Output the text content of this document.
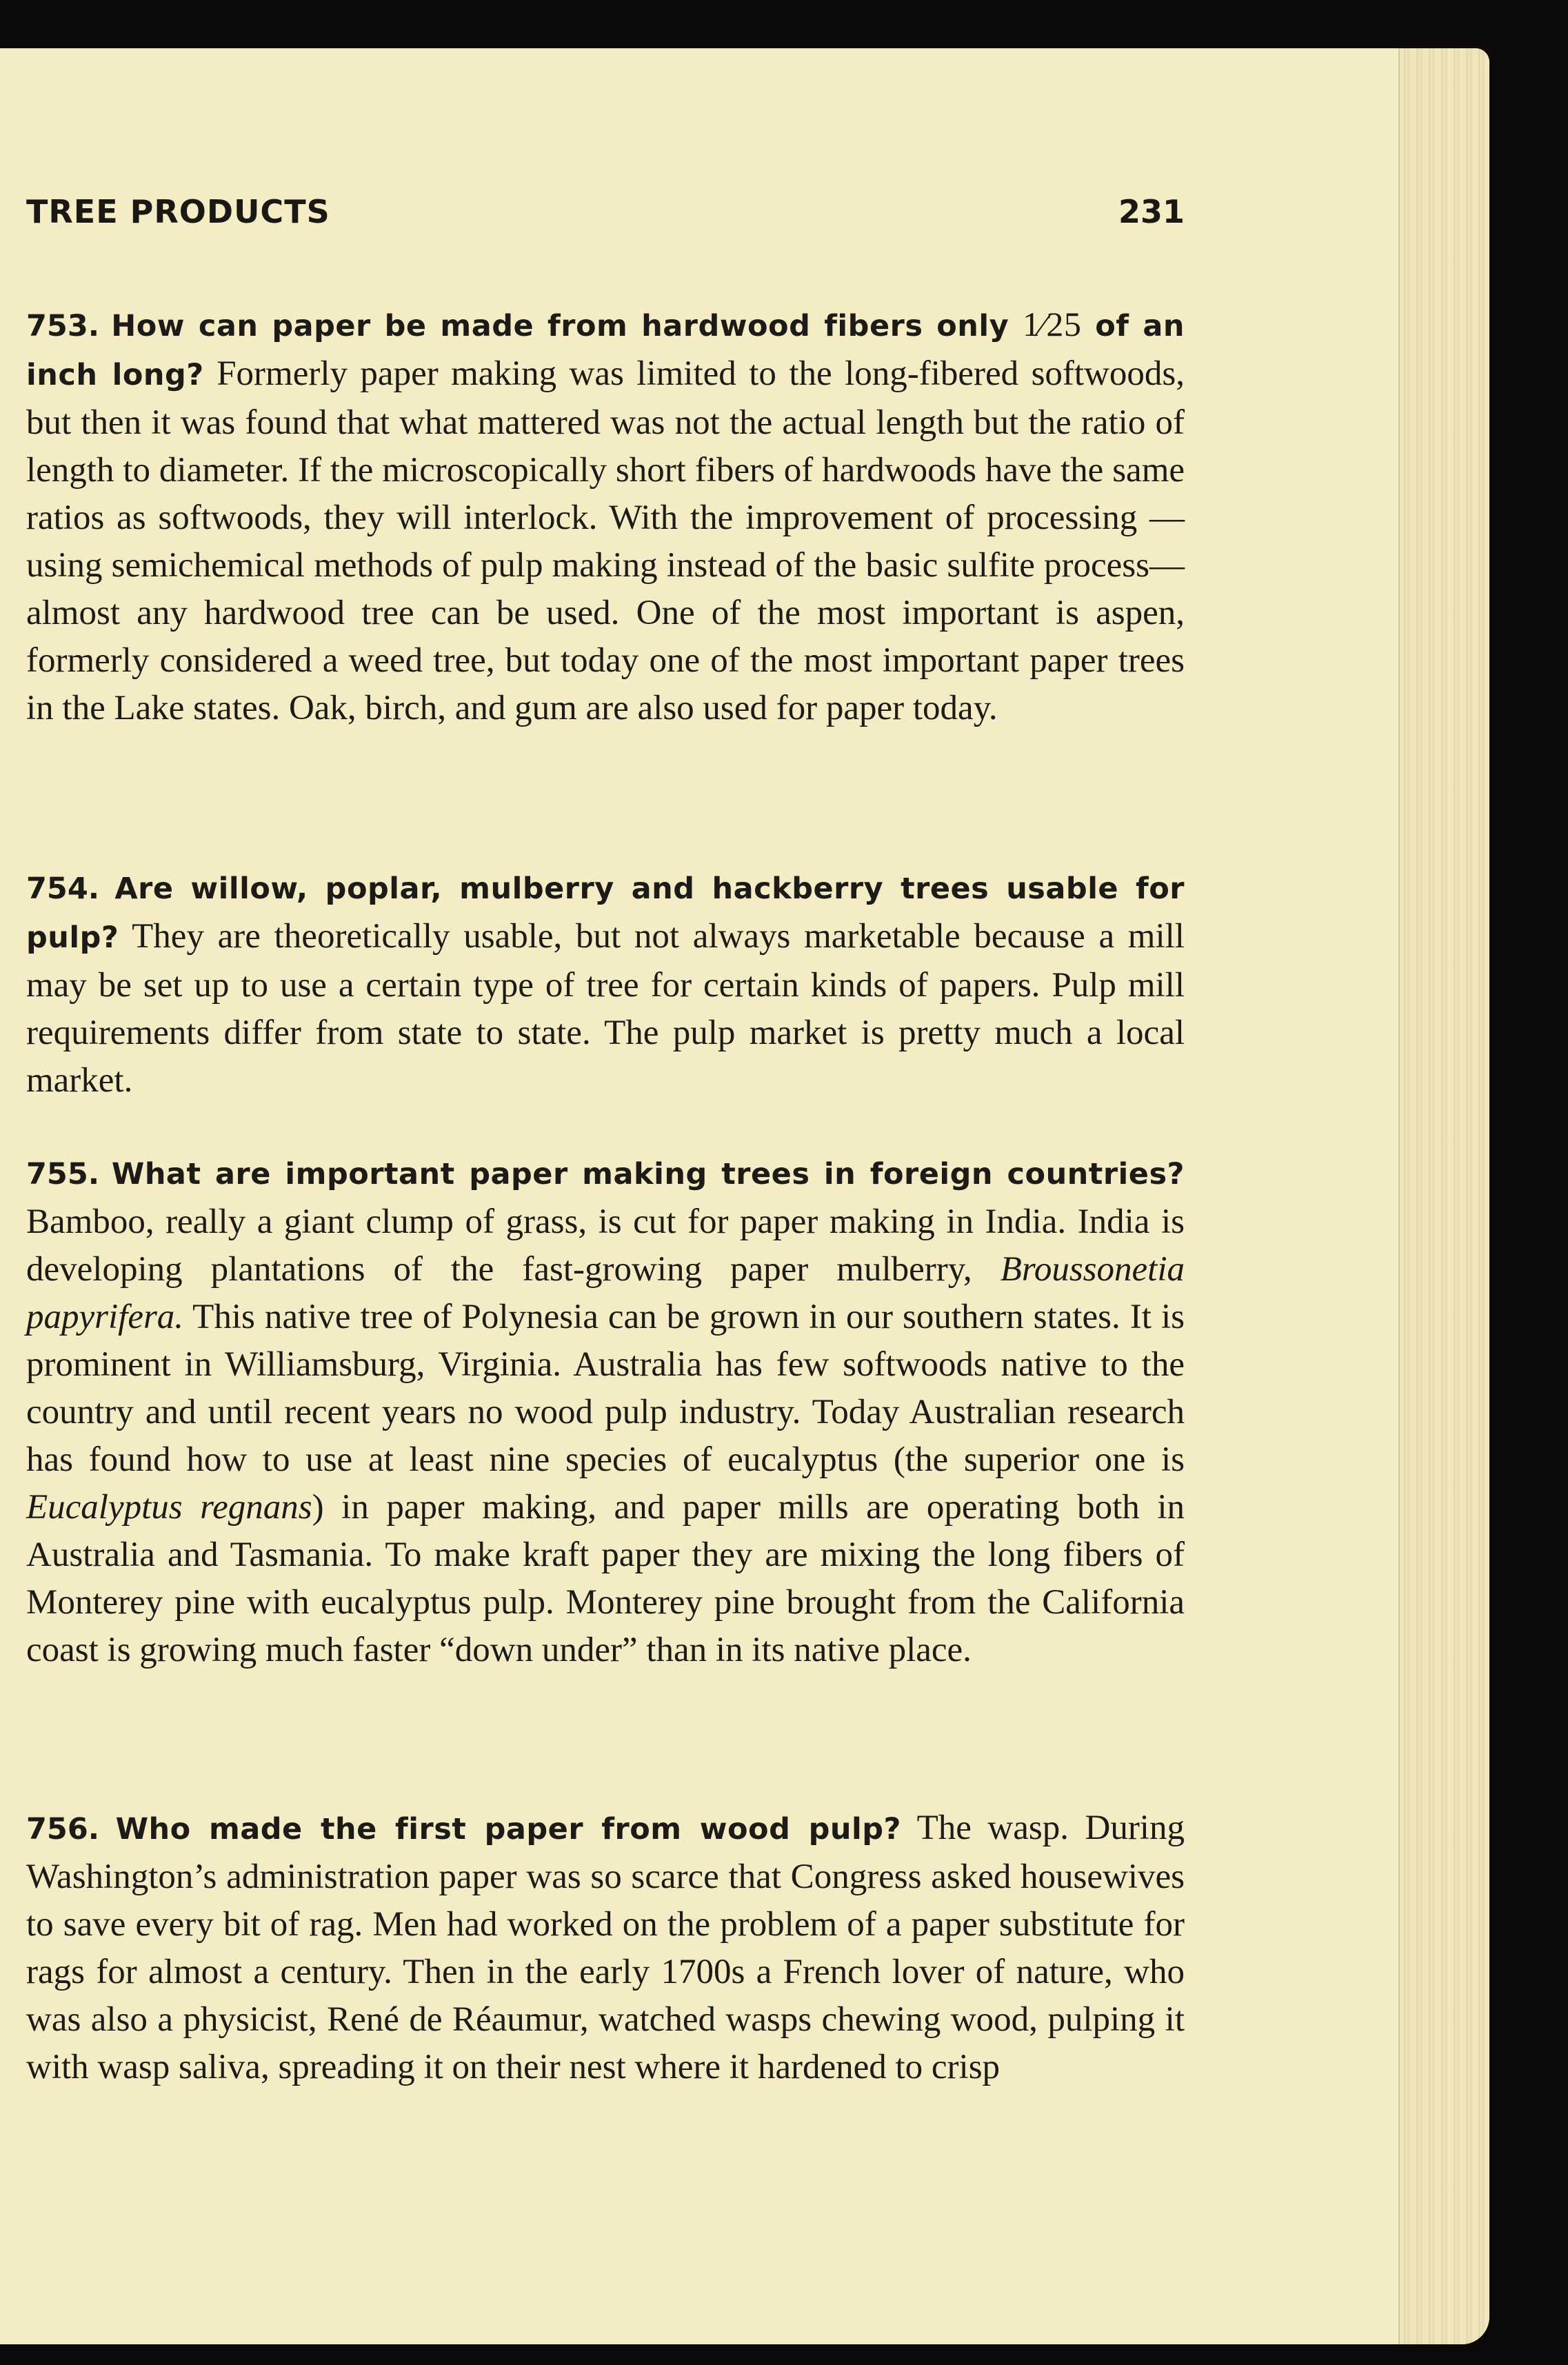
TREE PRODUCTS	231
753. How can paper be made from hardwood fibers only 1⁄25 of an inch long? Formerly paper making was limited to the long-fibered softwoods, but then it was found that what mattered was not the actual length but the ratio of length to diameter. If the microscopically short fibers of hardwoods have the same ratios as softwoods, they will interlock. With the improvement of processing —using semichemical methods of pulp making instead of the basic sulfite process—almost any hardwood tree can be used. One of the most important is aspen, formerly considered a weed tree, but today one of the most important paper trees in the Lake states. Oak, birch, and gum are also used for paper today.
754. Are willow, poplar, mulberry and hackberry trees usable for pulp? They are theoretically usable, but not always marketable because a mill may be set up to use a certain type of tree for certain kinds of papers. Pulp mill requirements differ from state to state. The pulp market is pretty much a local market.
755. What are important paper making trees in foreign countries? Bamboo, really a giant clump of grass, is cut for paper making in India. India is developing plantations of the fast-growing paper mulberry, Broussonetia papyrifera. This native tree of Polynesia can be grown in our southern states. It is prominent in Williamsburg, Virginia. Australia has few softwoods native to the country and until recent years no wood pulp industry. Today Australian research has found how to use at least nine species of eucalyptus (the superior one is Eucalyptus regnans) in paper making, and paper mills are operating both in Australia and Tasmania. To make kraft paper they are mixing the long fibers of Monterey pine with eucalyptus pulp. Monterey pine brought from the California coast is growing much faster “down under” than in its native place.
756. Who made the first paper from wood pulp? The wasp. During Washington’s administration paper was so scarce that Congress asked housewives to save every bit of rag. Men had worked on the problem of a paper substitute for rags for almost a century. Then in the early 1700s a French lover of nature, who was also a physicist, René de Réaumur, watched wasps chewing wood, pulping it with wasp saliva, spreading it on their nest where it hardened to crisp
